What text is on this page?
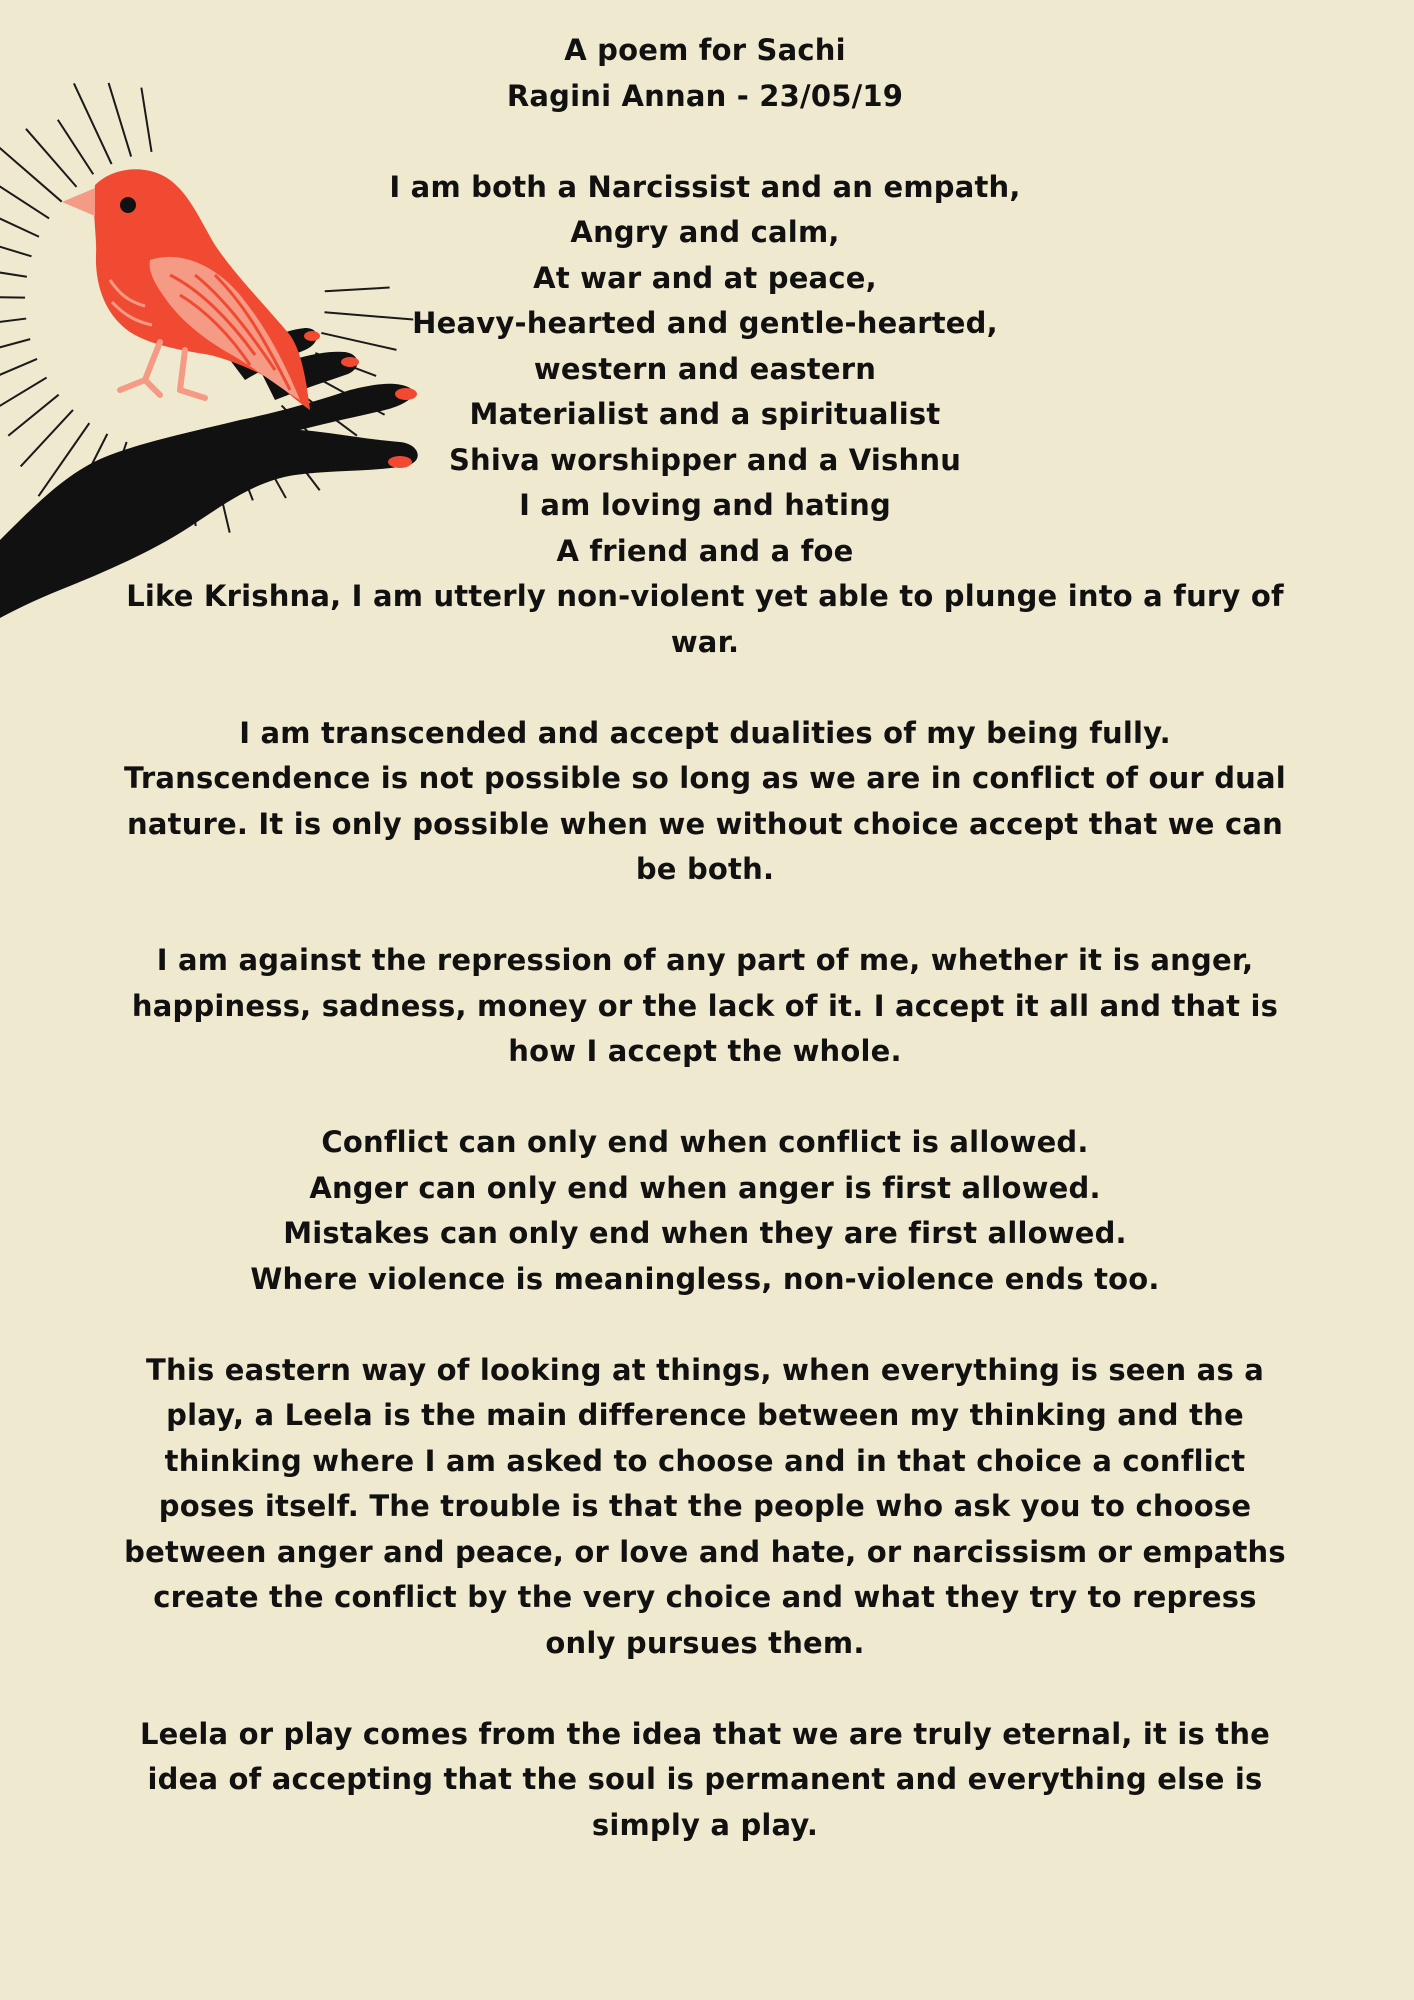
A poem for Sachi
Ragini Annan - 23/05/19
I am both a Narcissist and an empath,
Angry and calm,
At war and at peace,
Heavy-hearted and gentle-hearted,
western and eastern
Materialist and a spiritualist
Shiva worshipper and a Vishnu
I am loving and hating
A friend and a foe
Like Krishna, I am utterly non-violent yet able to plunge into a fury of
war.
I am transcended and accept dualities of my being fully. Transcendence is not possible so long as we are in conflict of our dual nature. It is only possible when we without choice accept that we can be both.
I am against the repression of any part of me, whether it is anger, happiness, sadness, money or the lack of it. I accept it all and that is how I accept the whole.
Conflict can only end when conflict is allowed.
Anger can only end when anger is first allowed.
Mistakes can only end when they are first allowed.
Where violence is meaningless, non-violence ends too.
This eastern way of looking at things, when everything is seen as a play, a Leela is the main difference between my thinking and the thinking where I am asked to choose and in that choice a conflict poses itself. The trouble is that the people who ask you to choose between anger and peace, or love and hate, or narcissism or empaths create the conflict by the very choice and what they try to repress only pursues them.
Leela or play comes from the idea that we are truly eternal, it is the idea of accepting that the soul is permanent and everything else is simply a play.
